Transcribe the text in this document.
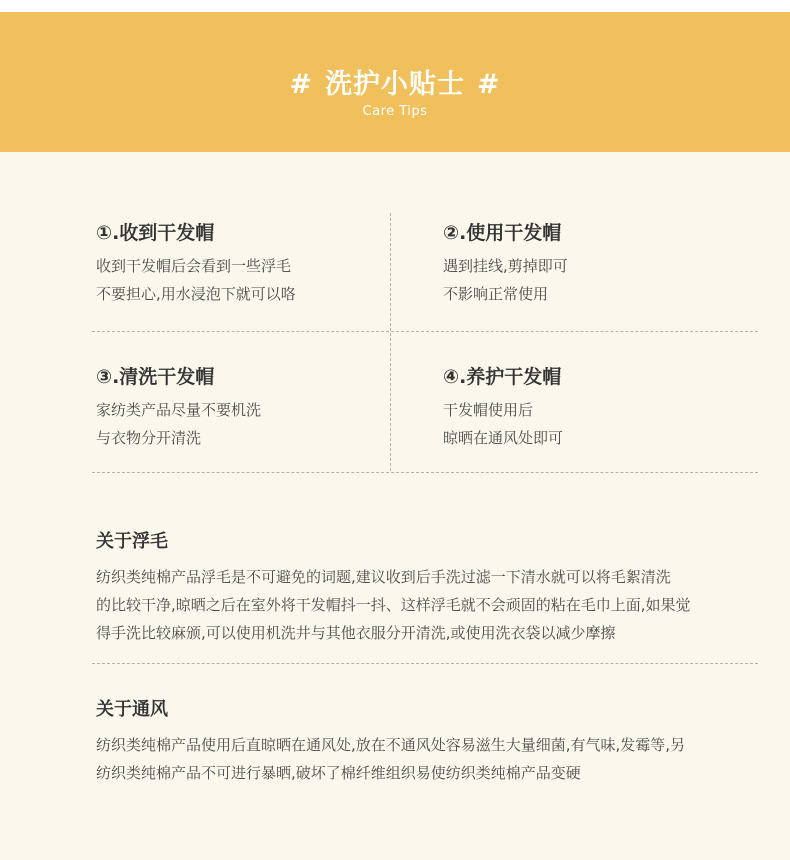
# 洗护小贴士 #
Care Tips
①.收到干发帽
收到干发帽后会看到一些浮毛
不要担心,用水浸泡下就可以咯
②.使用干发帽
遇到挂线,剪掉即可
不影响正常使用
③.清洗干发帽
家纺类产品尽量不要机洗
与衣物分开清洗
④.养护干发帽
干发帽使用后
晾晒在通风处即可
关于浮毛
纺织类纯棉产品浮毛是不可避免的词题,建议收到后手洗过滤一下清水就可以将毛絮清洗
的比较干净,晾晒之后在室外将干发帽抖一抖、这样浮毛就不会顽固的粘在毛巾上面,如果觉
得手洗比较麻颁,可以使用机洗井与其他衣服分开清洗,或使用洗衣袋以减少摩擦
关于通风
纺织类纯棉产品使用后直晾晒在通风处,放在不通风处容易滋生大量细菌,有气味,发霉等,另
纺织类纯棉产品不可进行暴晒,破坏了棉纤维组织易使纺织类纯棉产品变硬
